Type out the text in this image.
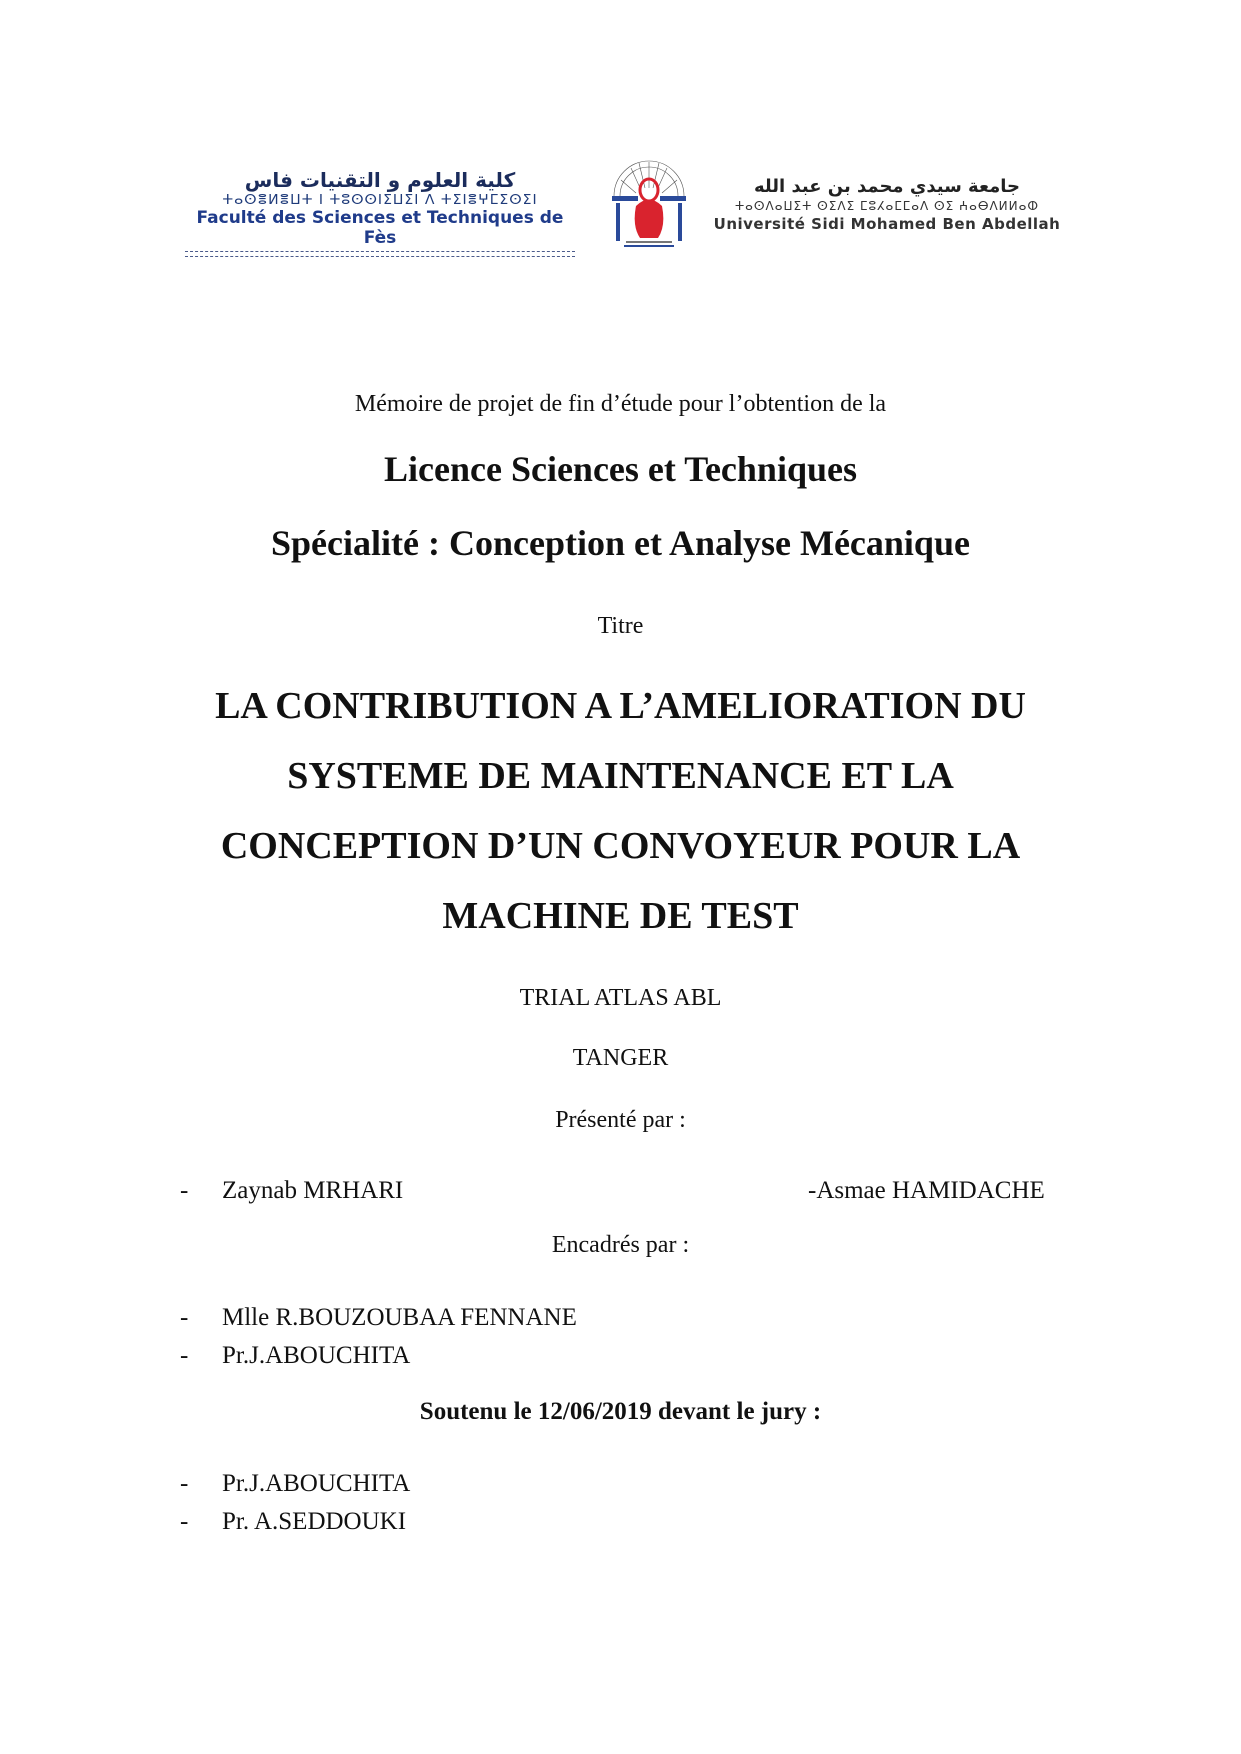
كلية العلوم و التقنيات فاس
ⵜⴰⵙⴻⵍⴻⵡⵜ ⵏ ⵜⵓⵙⵙⵏⵉⵡⵉⵏ ⴷ ⵜⵉⵏⴻⵖⵎⵉⵙⵉⵏ
Faculté des Sciences et Techniques de Fès
جامعة سيدي محمد بن عبد الله
ⵜⴰⵙⴷⴰⵡⵉⵜ ⵙⵉⴷⵉ ⵎⵓⵃⴰⵎⵎⴰⴷ ⵙⵉ ⵄⴰⴱⴷⵍⵍⴰⵀ
Université Sidi Mohamed Ben Abdellah
Mémoire de projet de fin d’étude pour l’obtention de la
Licence Sciences et Techniques
Spécialité : Conception et Analyse Mécanique
Titre
LA CONTRIBUTION A L’AMELIORATION DU
SYSTEME DE MAINTENANCE ET LA
CONCEPTION D’UN CONVOYEUR POUR LA
MACHINE DE TEST
TRIAL ATLAS ABL
TANGER
Présenté par :
- Zaynab MRHARI	-Asmae HAMIDACHE
Encadrés par :
- Mlle R.BOUZOUBAA FENNANE
- Pr.J.ABOUCHITA
Soutenu le 12/06/2019 devant le jury :
- Pr.J.ABOUCHITA
- Pr. A.SEDDOUKI
